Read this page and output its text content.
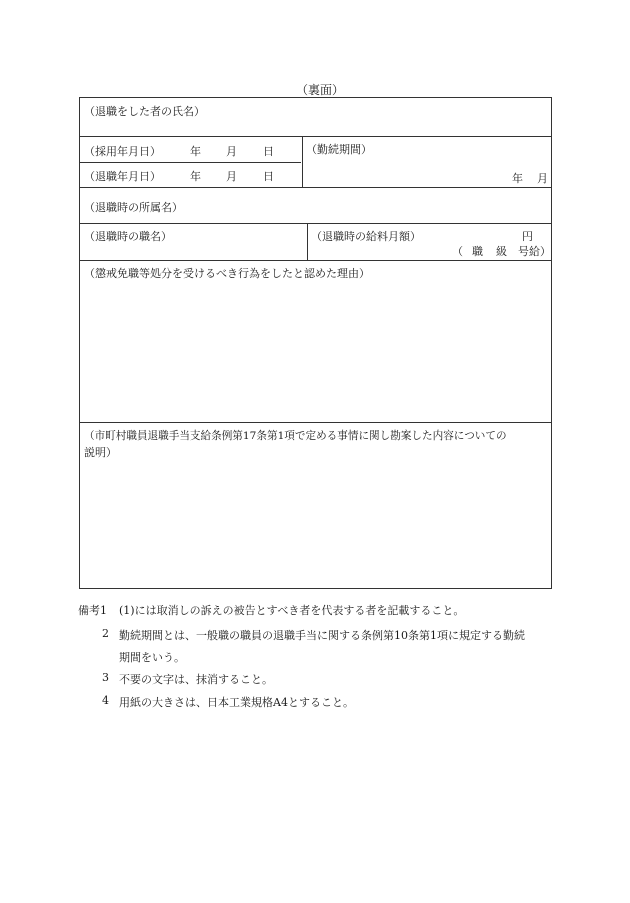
（裏面）
（退職をした者の氏名）
（採用年月日）	年 月 日
（退職年月日）	年 月 日
（勤続期間）
年 月
（退職時の所属名）
（退職時の職名）	（退職時の給料月額）	円
（ 職 級 号給）
（懲戒免職等処分を受けるべき行為をしたと認めた理由）
（市町村職員退職手当支給条例第17条第1項で定める事情に関し勘案した内容についての
説明）
備考1 (1)には取消しの訴えの被告とすべき者を代表する者を記載すること。
2 勤続期間とは、一般職の職員の退職手当に関する条例第10条第1項に規定する勤続
期間をいう。
3 不要の文字は、抹消すること。
4 用紙の大きさは、日本工業規格A4とすること。
